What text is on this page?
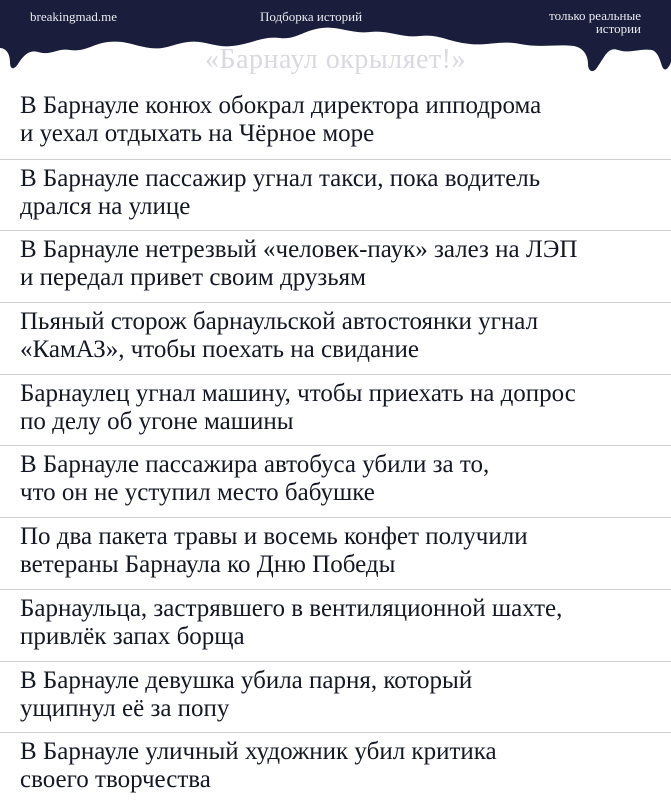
breakingmad.me	Подборка историй	только реальные
истории
«Барнаул окрыляет!»
В Барнауле конюх обокрал директора ипподрома
и уехал отдыхать на Чёрное море
В Барнауле пассажир угнал такси, пока водитель
дрался на улице
В Барнауле нетрезвый «человек-паук» залез на ЛЭП
и передал привет своим друзьям
Пьяный сторож барнаульской автостоянки угнал
«КамАЗ», чтобы поехать на свидание
Барнаулец угнал машину, чтобы приехать на допрос
по делу об угоне машины
В Барнауле пассажира автобуса убили за то,
что он не уступил место бабушке
По два пакета травы и восемь конфет получили
ветераны Барнаула ко Дню Победы
Барнаульца, застрявшего в вентиляционной шахте,
привлёк запах борща
В Барнауле девушка убила парня, который
ущипнул её за попу
В Барнауле уличный художник убил критика
своего творчества
